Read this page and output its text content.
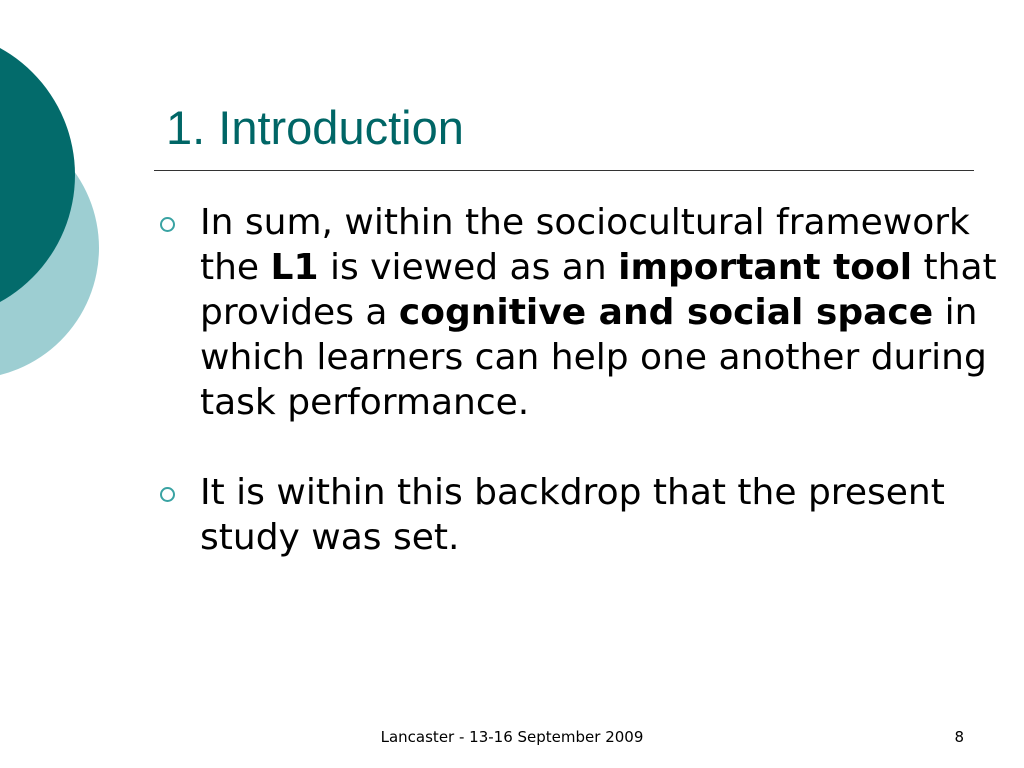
1. Introduction
In sum, within the sociocultural framework the L1 is viewed as an important tool that provides a cognitive and social space in which learners can help one another during task performance.
It is within this backdrop that the present study was set.
Lancaster - 13-16 September 2009	8
